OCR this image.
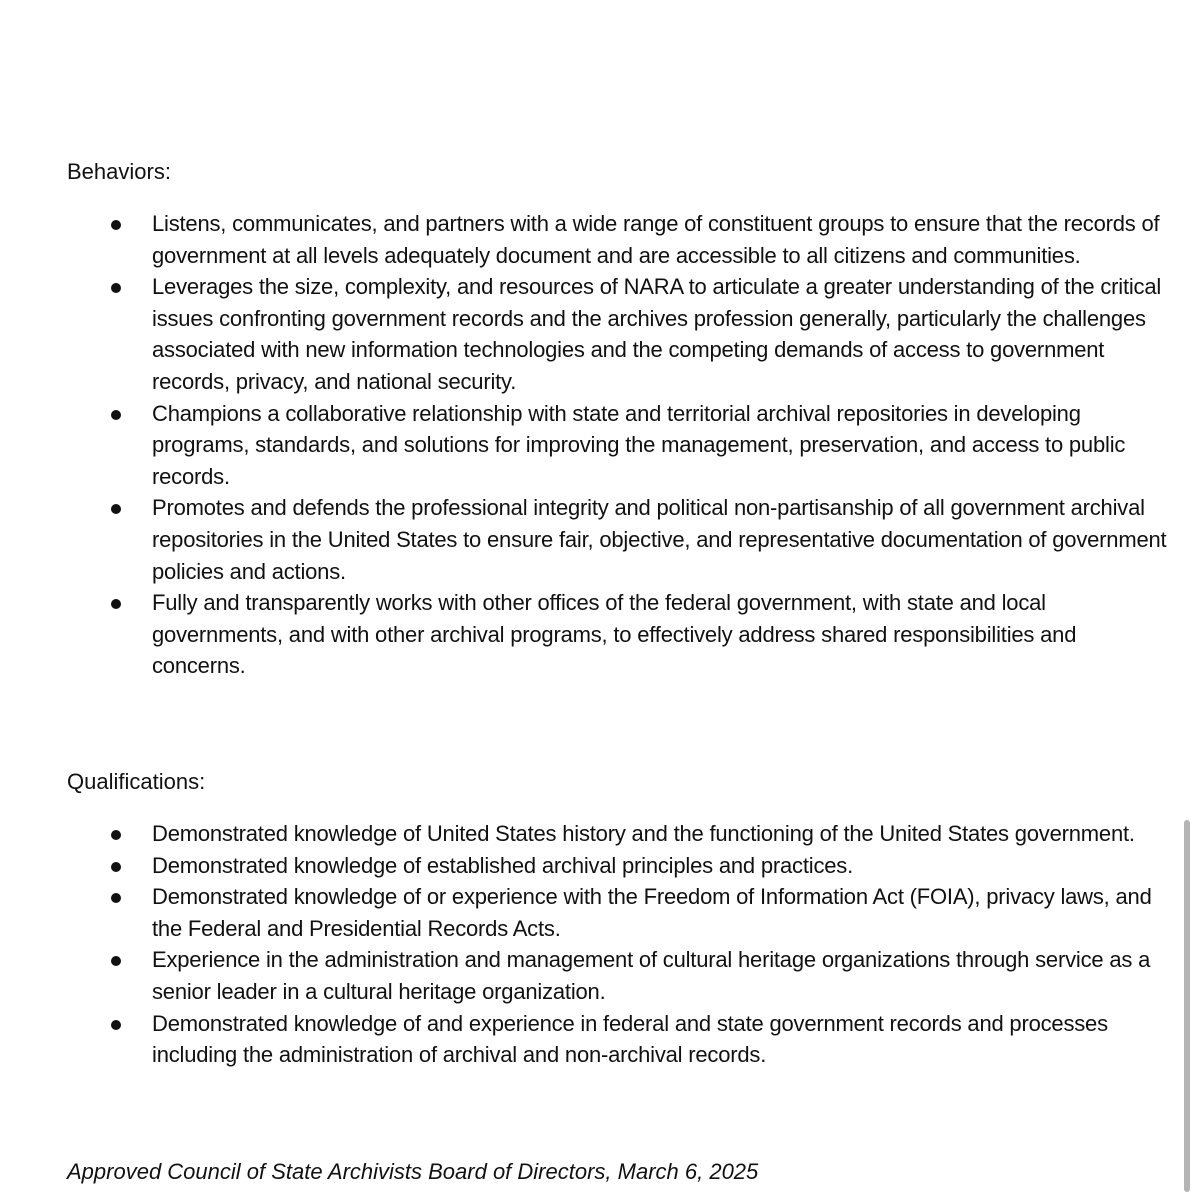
Behaviors:
Listens, communicates, and partners with a wide range of constituent groups to ensure that the records of government at all levels adequately document and are accessible to all citizens and communities.
Leverages the size, complexity, and resources of NARA to articulate a greater understanding of the critical issues confronting government records and the archives profession generally, particularly the challenges associated with new information technologies and the competing demands of access to government records, privacy, and national security.
Champions a collaborative relationship with state and territorial archival repositories in developing programs, standards, and solutions for improving the management, preservation, and access to public records.
Promotes and defends the professional integrity and political non-partisanship of all government archival repositories in the United States to ensure fair, objective, and representative documentation of government policies and actions.
Fully and transparently works with other offices of the federal government, with state and local governments, and with other archival programs, to effectively address shared responsibilities and concerns.
Qualifications:
Demonstrated knowledge of United States history and the functioning of the United States government.
Demonstrated knowledge of established archival principles and practices.
Demonstrated knowledge of or experience with the Freedom of Information Act (FOIA), privacy laws, and the Federal and Presidential Records Acts.
Experience in the administration and management of cultural heritage organizations through service as a senior leader in a cultural heritage organization.
Demonstrated knowledge of and experience in federal and state government records and processes including the administration of archival and non-archival records.

Approved Council of State Archivists Board of Directors, March 6, 2025
